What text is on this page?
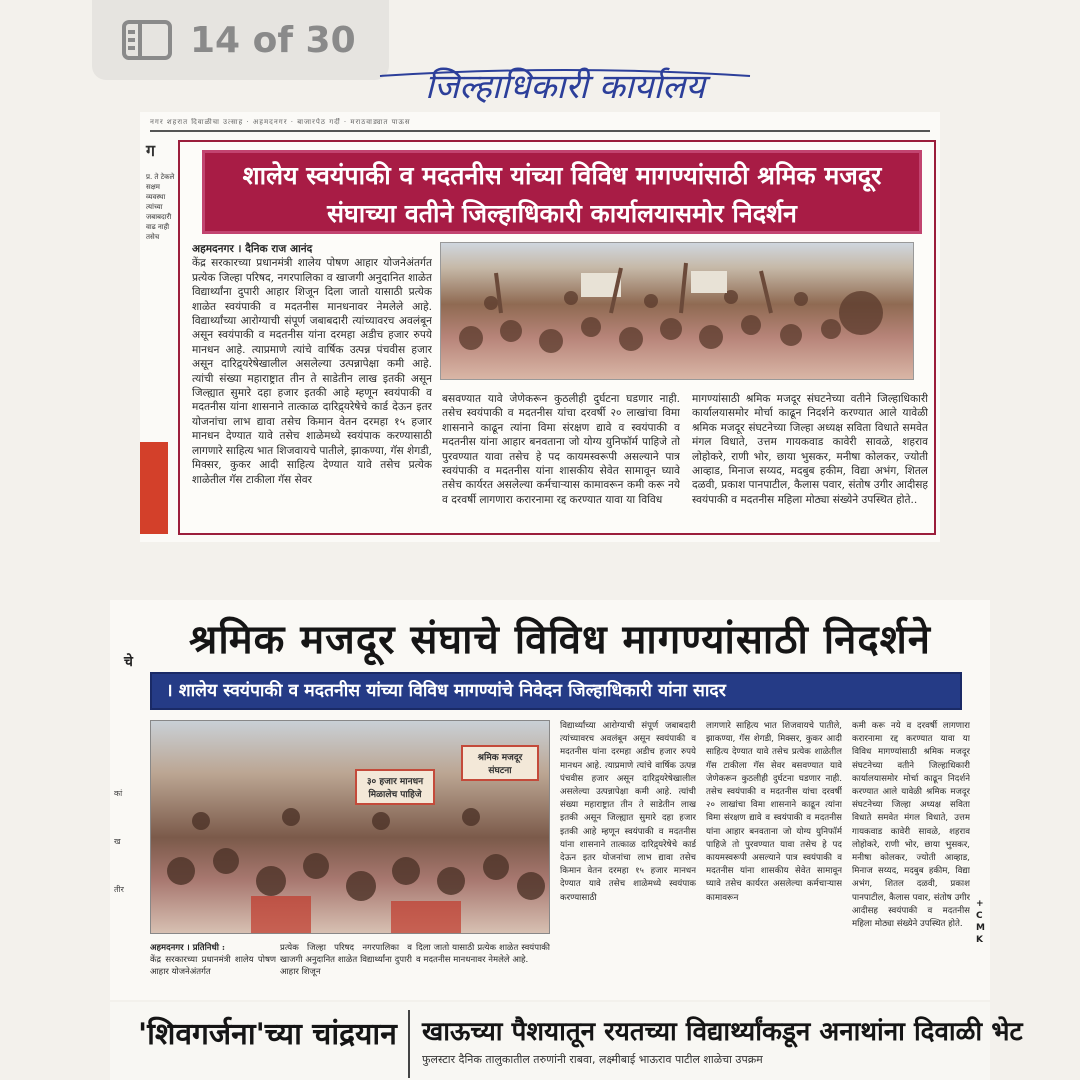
14 of 30
जिल्हाधिकारी कार्यालय
नगर शहरात दिवाळीचा उत्साह · अहमदनगर · बाजारपेठ गर्दी · मराठवाड्यात पाऊस
ग
प्र. ते टेकले सक्षम व्यवस्था त्यांच्या जबाबदारी वाढ नाही तसेच
शालेय स्वयंपाकी व मदतनीस यांच्या विविध मागण्यांसाठी श्रमिक मजदूर संघाच्या वतीने जिल्हाधिकारी कार्यालयासमोर निदर्शन
अहमदनगर । दैनिक राज आनंद
केंद्र सरकारच्या प्रधानमंत्री शालेय पोषण आहार योजनेअंतर्गत प्रत्येक जिल्हा परिषद, नगरपालिका व खाजगी अनुदानित शाळेत विद्यार्थ्यांना दुपारी आहार शिजून दिला जातो यासाठी प्रत्येक शाळेत स्वयंपाकी व मदतनीस मानधनावर नेमलेले आहे. विद्यार्थ्यांच्या आरोग्याची संपूर्ण जबाबदारी त्यांच्यावरच अवलंबून असून स्वयंपाकी व मदतनीस यांना दरमहा अडीच हजार रुपये मानधन आहे. त्याप्रमाणे त्यांचे वार्षिक उत्पन्न पंचवीस हजार असून दारिद्र्यरेषेखालील असलेल्या उत्पन्नापेक्षा कमी आहे. त्यांची संख्या महाराष्ट्रात तीन ते साडेतीन लाख इतकी असून जिल्ह्यात सुमारे दहा हजार इतकी आहे म्हणून स्वयंपाकी व मदतनीस यांना शासनाने तात्काळ दारिद्र्यरेषेचे कार्ड देऊन इतर योजनांचा लाभ द्यावा तसेच किमान वेतन दरमहा १५ हजार मानधन देण्यात यावे तसेच शाळेमध्ये स्वयंपाक करण्यासाठी लागणारे साहित्य भात शिजवायचे पातीले, झाकण्या, गॅस शेगडी, मिक्सर, कुकर आदी साहित्य देण्यात यावे तसेच प्रत्येक शाळेतील गॅस टाकीला गॅस सेवर
बसवण्यात यावे जेणेकरून कुठलीही दुर्घटना घडणार नाही. तसेच स्वयंपाकी व मदतनीस यांचा दरवर्षी २० लाखांचा विमा शासनाने काढून त्यांना विमा संरक्षण द्यावे व स्वयंपाकी व मदतनीस यांना आहार बनवताना जो योग्य युनिफॉर्म पाहिजे तो पुरवण्यात यावा तसेच हे पद कायमस्वरूपी असल्याने पात्र स्वयंपाकी व मदतनीस यांना शासकीय सेवेत सामावून घ्यावे तसेच कार्यरत असलेल्या कर्मचाऱ्यास कामावरून कमी करू नये व दरवर्षी लागणारा करारनामा रद्द करण्यात यावा या विविध
मागण्यांसाठी श्रमिक मजदूर संघटनेच्या वतीने जिल्हाधिकारी कार्यालयासमोर मोर्चा काढून निदर्शने करण्यात आले यावेळी श्रमिक मजदूर संघटनेच्या जिल्हा अध्यक्ष सविता विधाते समवेत मंगल विधाते, उत्तम गायकवाड कावेरी सावळे, शहराव लोहोकरे, राणी भोर, छाया भुसकर, मनीषा कोलकर, ज्योती आव्हाड, मिनाज सय्यद, मदबुब हकीम, विद्या अभंग, शितल दळवी, प्रकाश पानपाटील, कैलास पवार, संतोष उगीर आदीसह स्वयंपाकी व मदतनीस महिला मोठ्या संख्येने उपस्थित होते..
श्रमिक मजदूर संघाचे विविध मागण्यांसाठी निदर्शने
चे
। शालेय स्वयंपाकी व मदतनीस यांच्या विविध मागण्यांचे निवेदन जिल्हाधिकारी यांना सादर
३० हजार मानधन मिळालेच पाहिजे
श्रमिक मजदूर संघटना
अहमदनगर । प्रतिनिधी :
केंद्र सरकारच्या प्रधानमंत्री शालेय पोषण आहार योजनेअंतर्गत
प्रत्येक जिल्हा परिषद नगरपालिका व खाजगी अनुदानित शाळेत विद्यार्थ्यांना दुपारी आहार शिजून
दिला जातो यासाठी प्रत्येक शाळेत स्वयंपाकी व मदतनीस मानधनावर नेमलेले आहे.
विद्यार्थ्यांच्या आरोग्याची संपूर्ण जबाबदारी त्यांच्यावरच अवलंबून असून स्वयंपाकी व मदतनीस यांना दरमहा अडीच हजार रुपये मानधन आहे. त्याप्रमाणे त्यांचे वार्षिक उत्पन्न पंचवीस हजार असून दारिद्र्यरेषेखालील असलेल्या उत्पन्नापेक्षा कमी आहे. त्यांची संख्या महाराष्ट्रात तीन ते साडेतीन लाख इतकी असून जिल्ह्यात सुमारे दहा हजार इतकी आहे म्हणून स्वयंपाकी व मदतनीस यांना शासनाने तात्काळ दारिद्र्यरेषेचे कार्ड देऊन इतर योजनांचा लाभ द्यावा तसेच किमान वेतन दरमहा १५ हजार मानधन देण्यात यावे तसेच शाळेमध्ये स्वयंपाक करण्यासाठी
लागणारे साहित्य भात शिजवायचे पातीले, झाकण्या, गॅस शेगडी, मिक्सर, कुकर आदी साहित्य देण्यात यावे तसेच प्रत्येक शाळेतील गॅस टाकीला गॅस सेवर बसवण्यात यावे जेणेकरून कुठलीही दुर्घटना घडणार नाही. तसेच स्वयंपाकी व मदतनीस यांचा दरवर्षी २० लाखांचा विमा शासनाने काढून त्यांना विमा संरक्षण द्यावे व स्वयंपाकी व मदतनीस यांना आहार बनवताना जो योग्य युनिफॉर्म पाहिजे तो पुरवण्यात यावा तसेच हे पद कायमस्वरूपी असल्याने पात्र स्वयंपाकी व मदतनीस यांना शासकीय सेवेत सामावून घ्यावे तसेच कार्यरत असलेल्या कर्मचाऱ्यास कामावरून
कमी करू नये व दरवर्षी लागणारा करारनामा रद्द करण्यात यावा या विविध मागण्यांसाठी श्रमिक मजदूर संघटनेच्या वतीने जिल्हाधिकारी कार्यालयासमोर मोर्चा काढून निदर्शने करण्यात आले यावेळी श्रमिक मजदूर संघटनेच्या जिल्हा अध्यक्ष सविता विधाते समवेत मंगल विधाते, उत्तम गायकवाड कावेरी सावळे, शहराव लोहोकरे, राणी भोर, छाया भुसकर, मनीषा कोलकर, ज्योती आव्हाड, मिनाज सय्यद, मदबुब हकीम, विद्या अभंग, शितल दळवी, प्रकाश पानपाटील, कैलास पवार, संतोष उगीर आदीसह स्वयंपाकी व मदतनीस महिला मोठ्या संख्येने उपस्थित होते.
कां
ख
तीर
+ C M K
'शिवगर्जना'च्या चांद्रयान खाऊच्या पैशयातून रयतच्या विद्यार्थ्यांकडून अनाथांना दिवाळी भेट
फुलस्टार दैनिक तालुकातील तरुणांनी राबवा, लक्ष्मीबाई भाऊराव पाटील शाळेचा उपक्रम
